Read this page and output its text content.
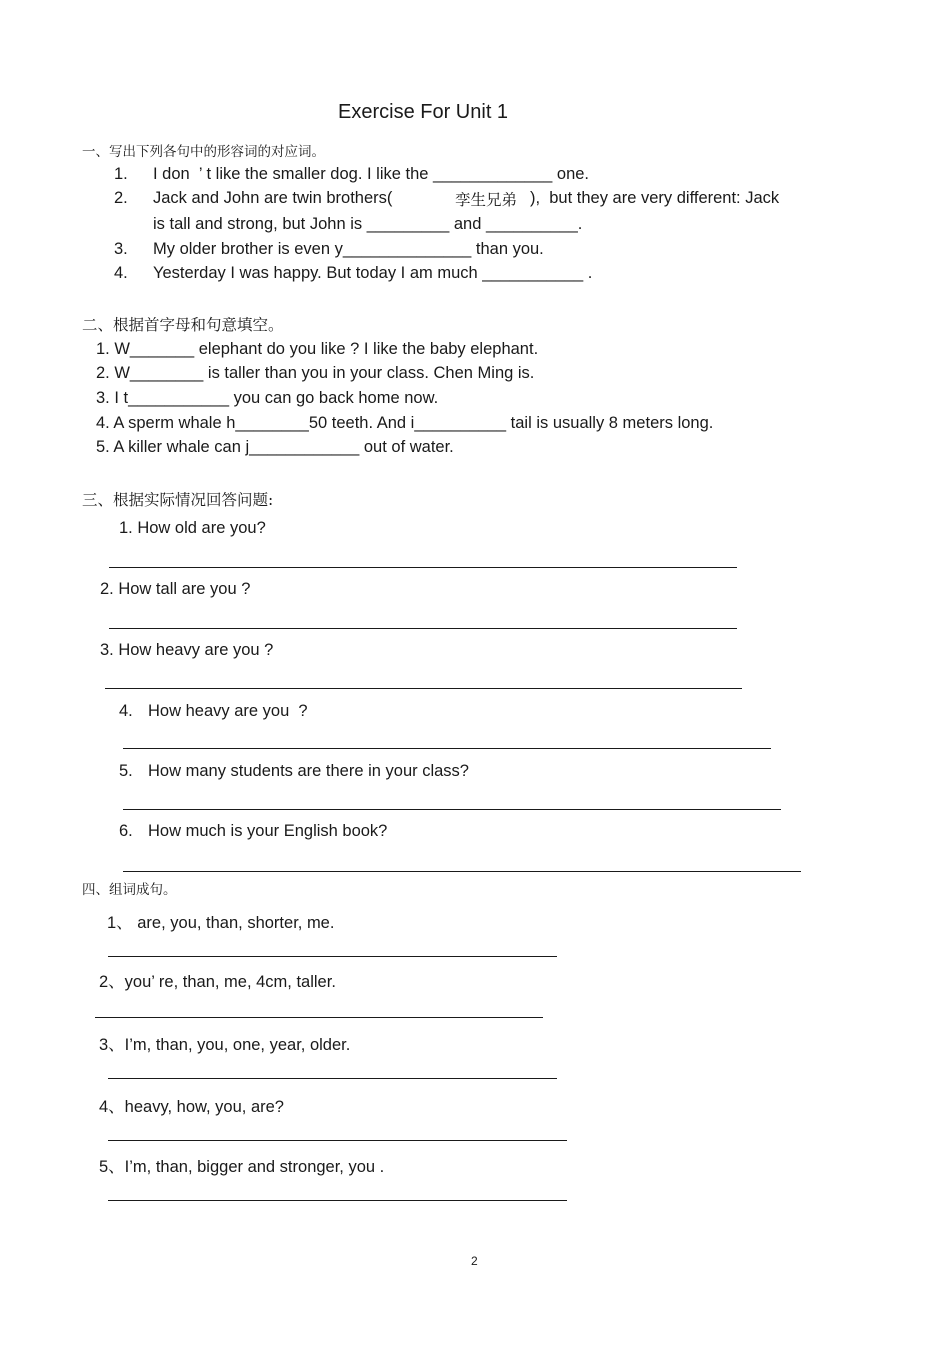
Exercise For Unit 1
一、写出下列各句中的形容词的对应词。
1. I don  ’ t like the smaller dog. I like the _____________ one.
2. Jack and John are twin brothers(	孪生兄弟 ),  but they are very different: Jack
is tall and strong, but John is _________ and __________.
3. My older brother is even y______________ than you.
4. Yesterday I was happy. But today I am much ___________ .
二、根据首字母和句意填空。
1. W_______ elephant do you like ? I like the baby elephant.
2. W________ is taller than you in your class. Chen Ming is.
3. I t___________ you can go back home now.
4. A sperm whale h________50 teeth. And i__________ tail is usually 8 meters long.
5. A killer whale can j____________ out of water.
三、根据实际情况回答问题:
1. How old are you?
2. How tall are you ?
3. How heavy are you ?
4. How heavy are you  ?
5. How many students are there in your class?
6. How much is your English book?
四、组词成句。
1、 are, you, than, shorter, me.
2、you’ re, than, me, 4cm, taller.
3、I’m, than, you, one, year, older.
4、heavy, how, you, are?
5、I’m, than, bigger and stronger, you .
2
